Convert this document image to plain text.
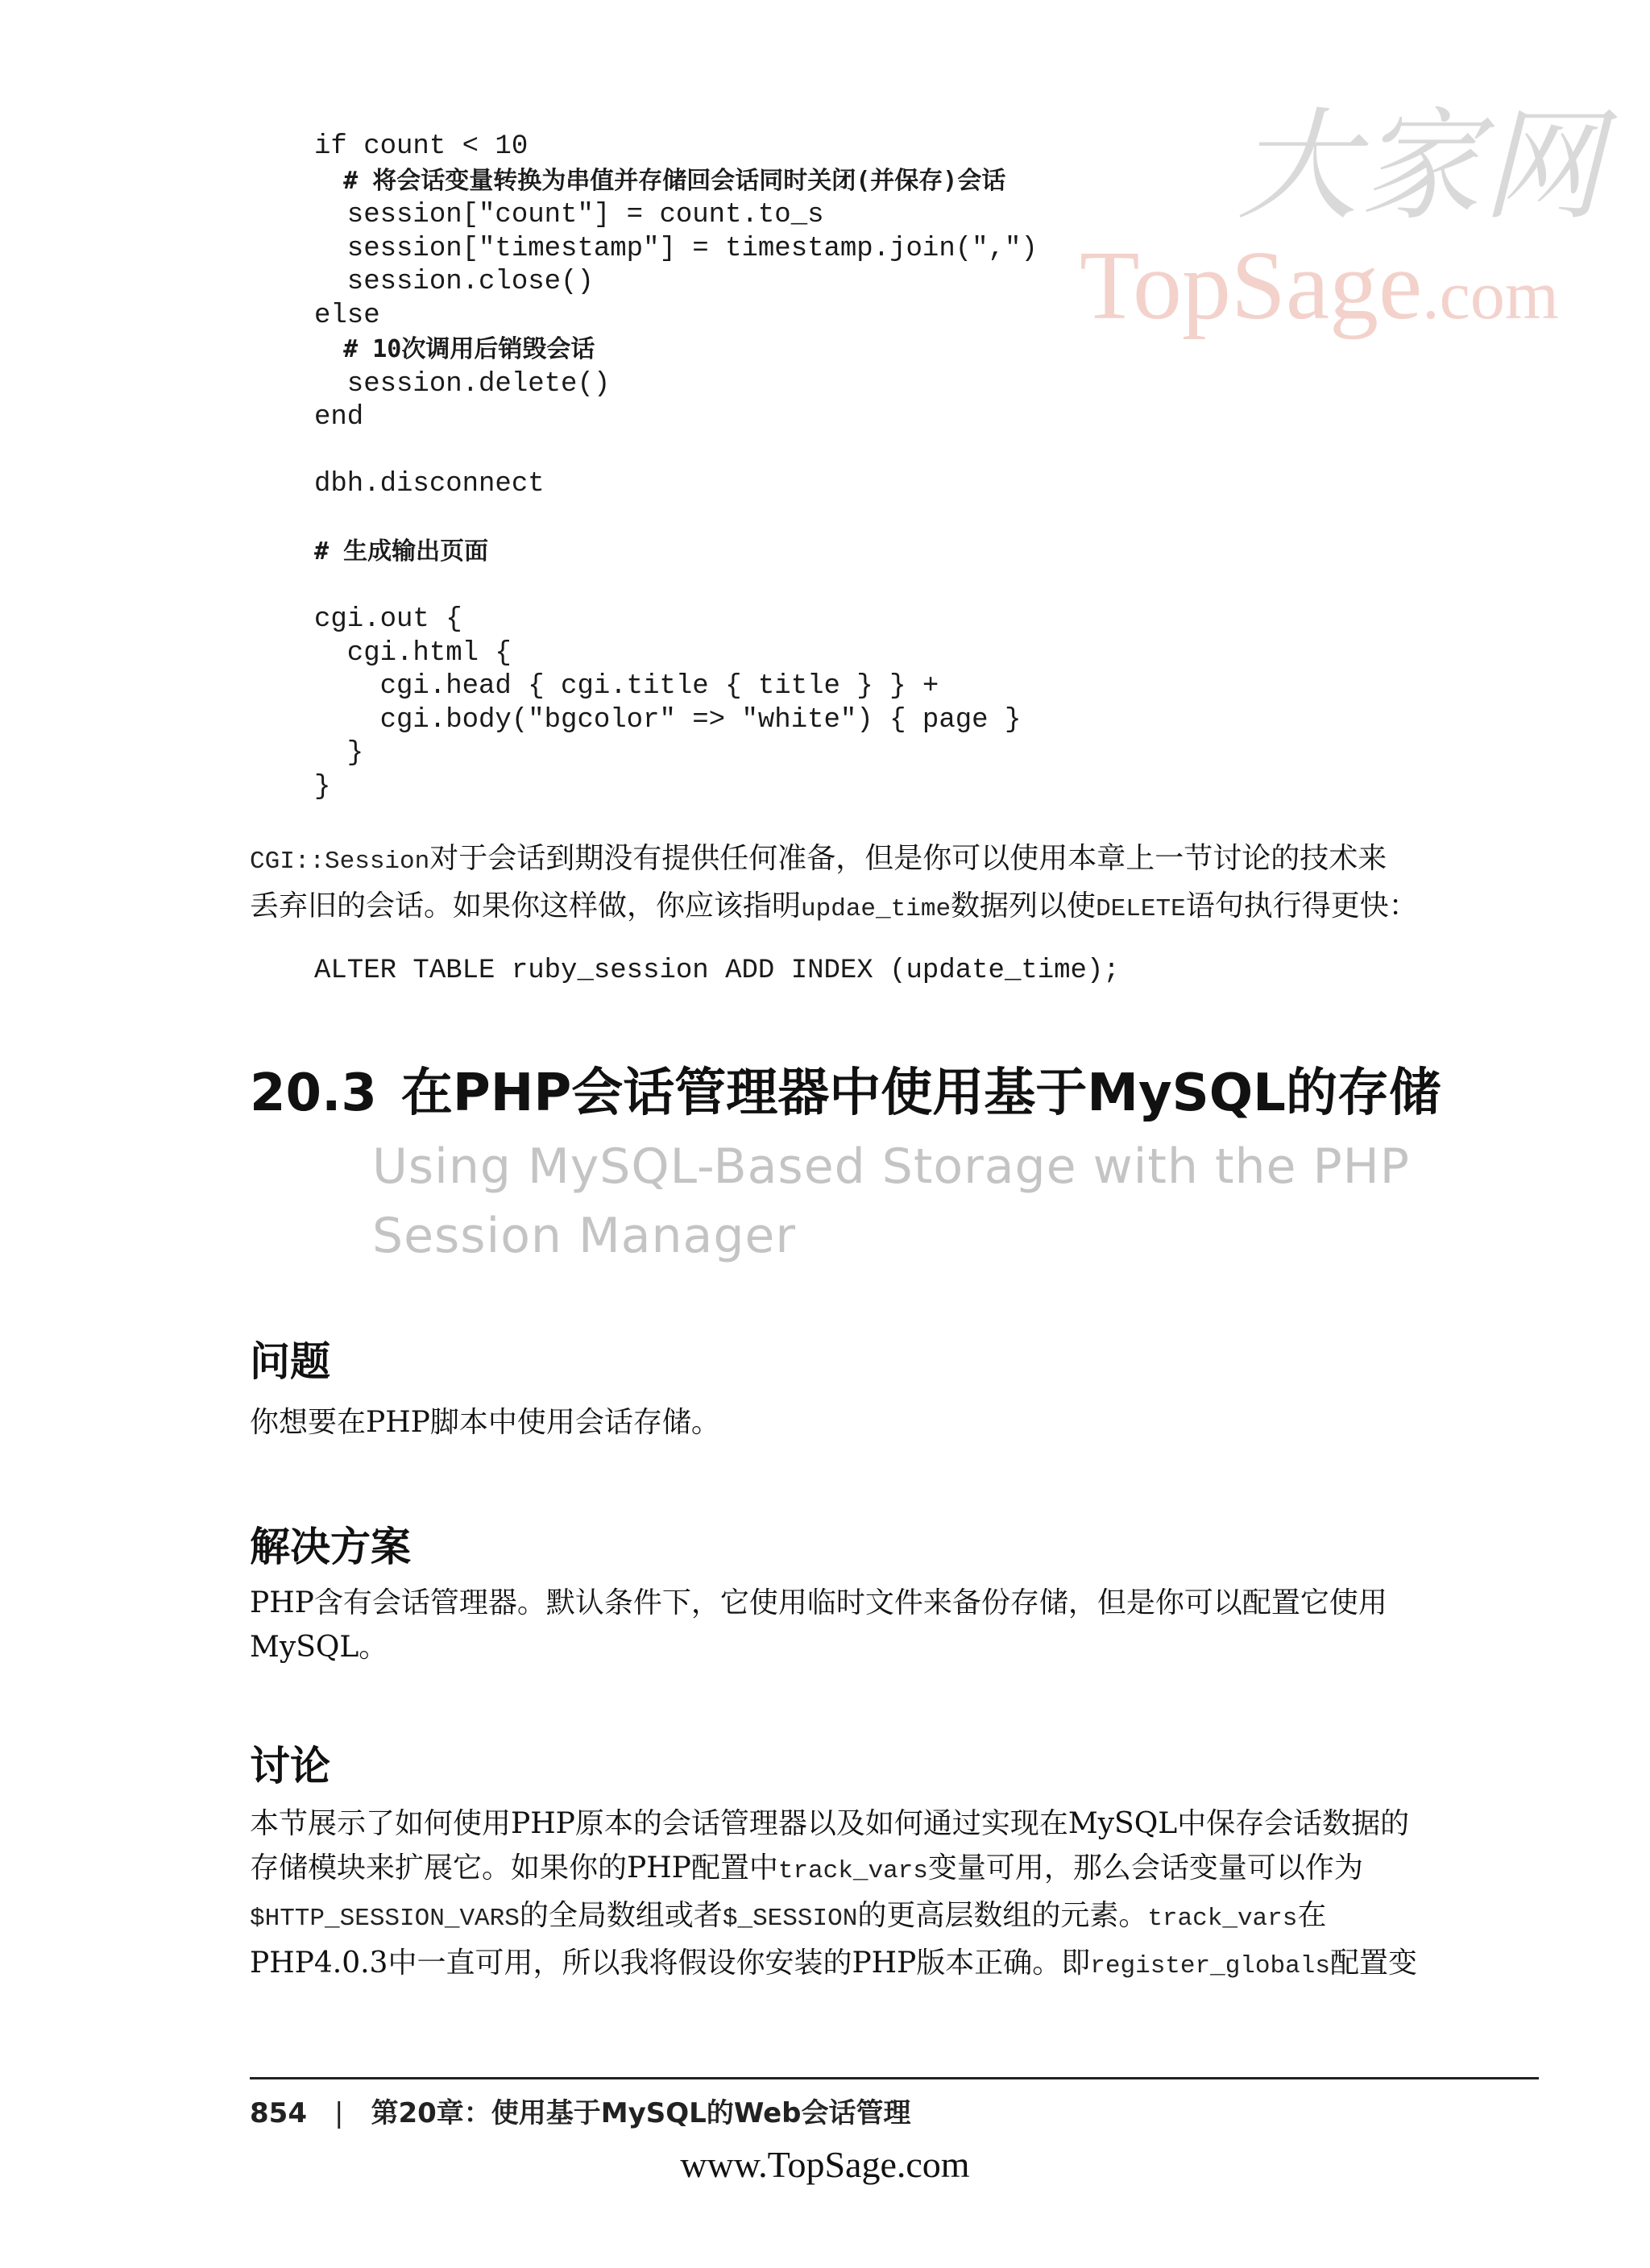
大家网
TopSage.com
if count < 10
# 将会话变量转换为串值并存储回会话同时关闭(并保存)会话
session["count"] = count.to_s
session["timestamp"] = timestamp.join(",")
session.close()
else
# 10次调用后销毁会话
session.delete()
end

dbh.disconnect

# 生成输出页面

cgi.out {
cgi.html {
cgi.head { cgi.title { title } } +
cgi.body("bgcolor" => "white") { page }
}
}
CGI::Session对于会话到期没有提供任何准备，但是你可以使用本章上一节讨论的技术来
丢弃旧的会话。如果你这样做，你应该指明updae_time数据列以使DELETE语句执行得更快：
ALTER TABLE ruby_session ADD INDEX (update_time);
20.3 在PHP会话管理器中使用基于MySQL的存储
Using MySQL-Based Storage with the PHP Session Manager
问题
你想要在PHP脚本中使用会话存储。
解决方案
PHP含有会话管理器。默认条件下，它使用临时文件来备份存储，但是你可以配置它使用
MySQL。
讨论
本节展示了如何使用PHP原本的会话管理器以及如何通过实现在MySQL中保存会话数据的
存储模块来扩展它。如果你的PHP配置中track_vars变量可用，那么会话变量可以作为
$HTTP_SESSION_VARS的全局数组或者$_SESSION的更高层数组的元素。track_vars在
PHP4.0.3中一直可用，所以我将假设你安装的PHP版本正确。即register_globals配置变
854 | 第20章：使用基于MySQL的Web会话管理
www.TopSage.com
